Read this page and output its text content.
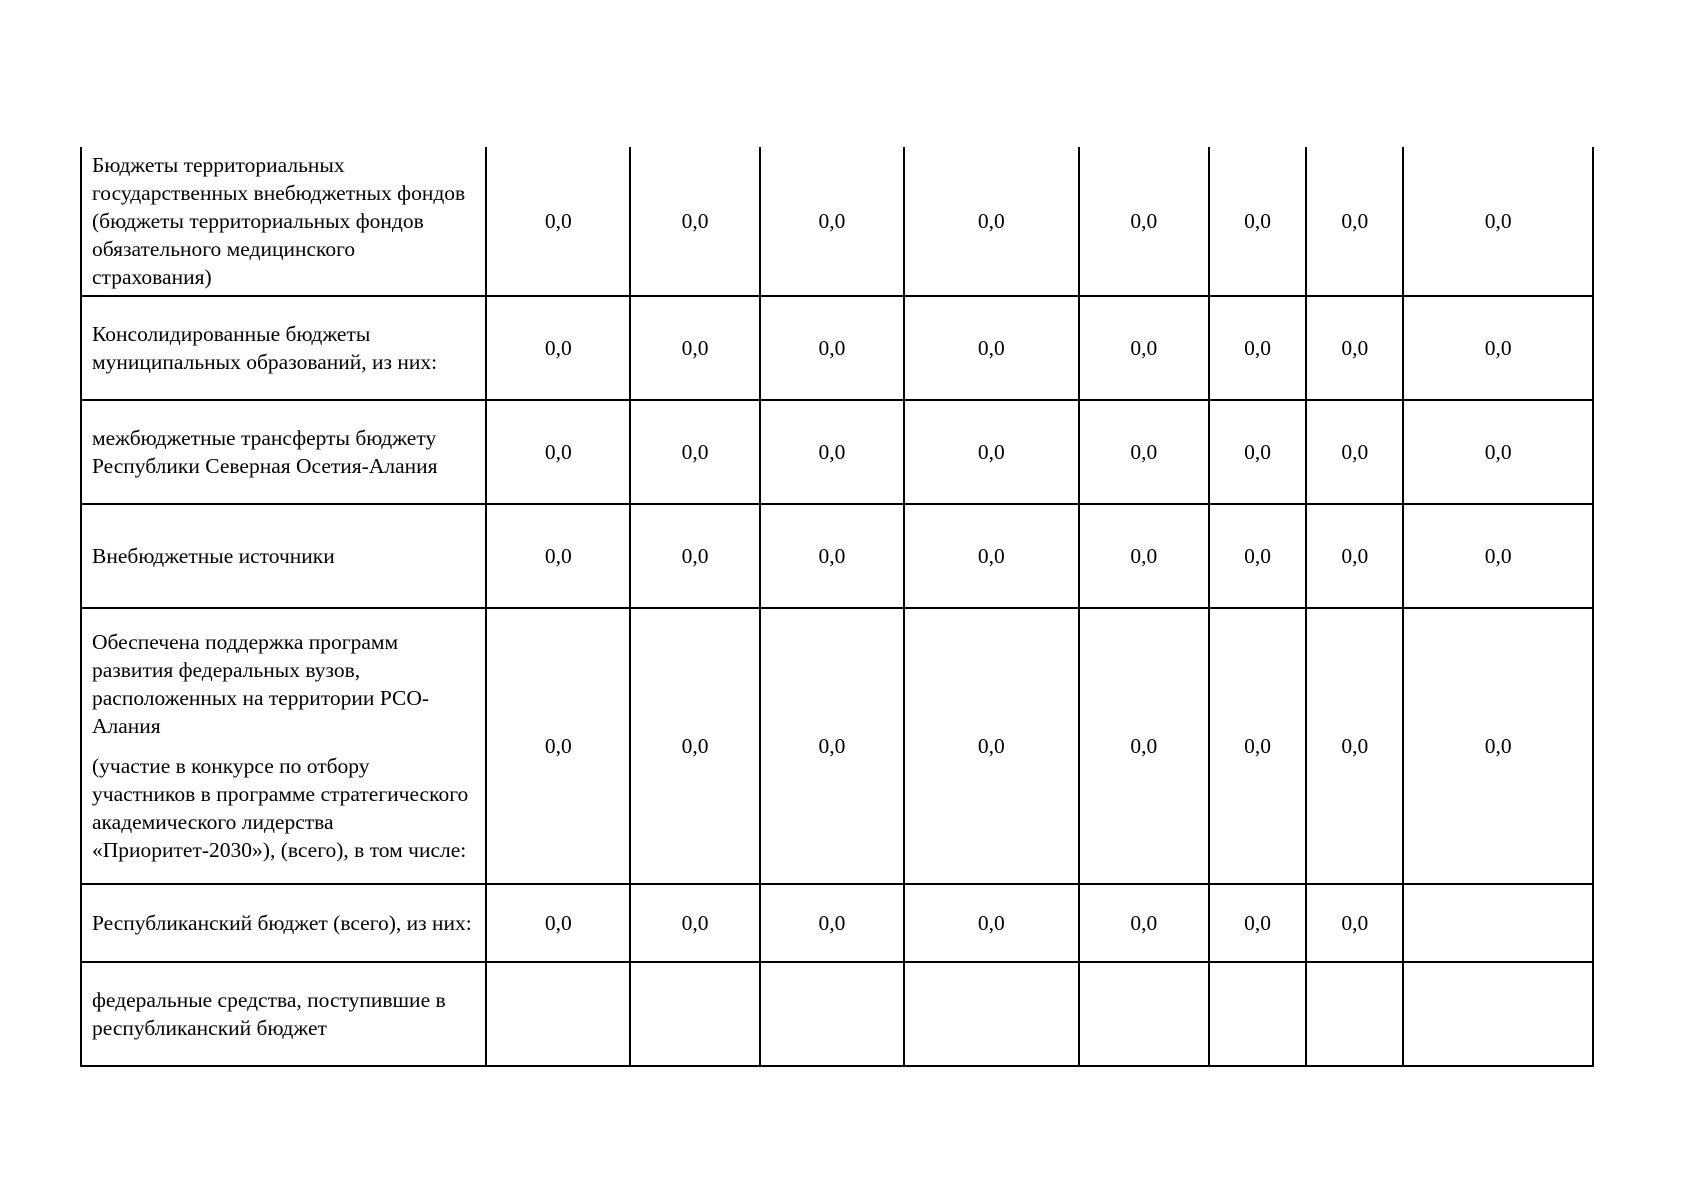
Бюджеты территориальных государственных внебюджетных фондов (бюджеты территориальных фондов обязательного медицинского страхования)	0,0	0,0	0,0	0,0	0,0	0,0	0,0	0,0

Консолидированные бюджеты муниципальных образований, из них:	0,0	0,0	0,0	0,0	0,0	0,0	0,0	0,0

межбюджетные трансферты бюджету Республики Северная Осетия-Алания	0,0	0,0	0,0	0,0	0,0	0,0	0,0	0,0

Внебюджетные источники	0,0	0,0	0,0	0,0	0,0	0,0	0,0	0,0

Обеспечена поддержка программ развития федеральных вузов, расположенных на территории РСО-Алания

(участие в конкурсе по отбору участников в программе стратегического академического лидерства «Приоритет-2030»), (всего), в том числе:	0,0	0,0	0,0	0,0	0,0	0,0	0,0	0,0

Республиканский бюджет (всего), из них:	0,0	0,0	0,0	0,0	0,0	0,0	0,0	

федеральные средства, поступившие в республиканский бюджет								
